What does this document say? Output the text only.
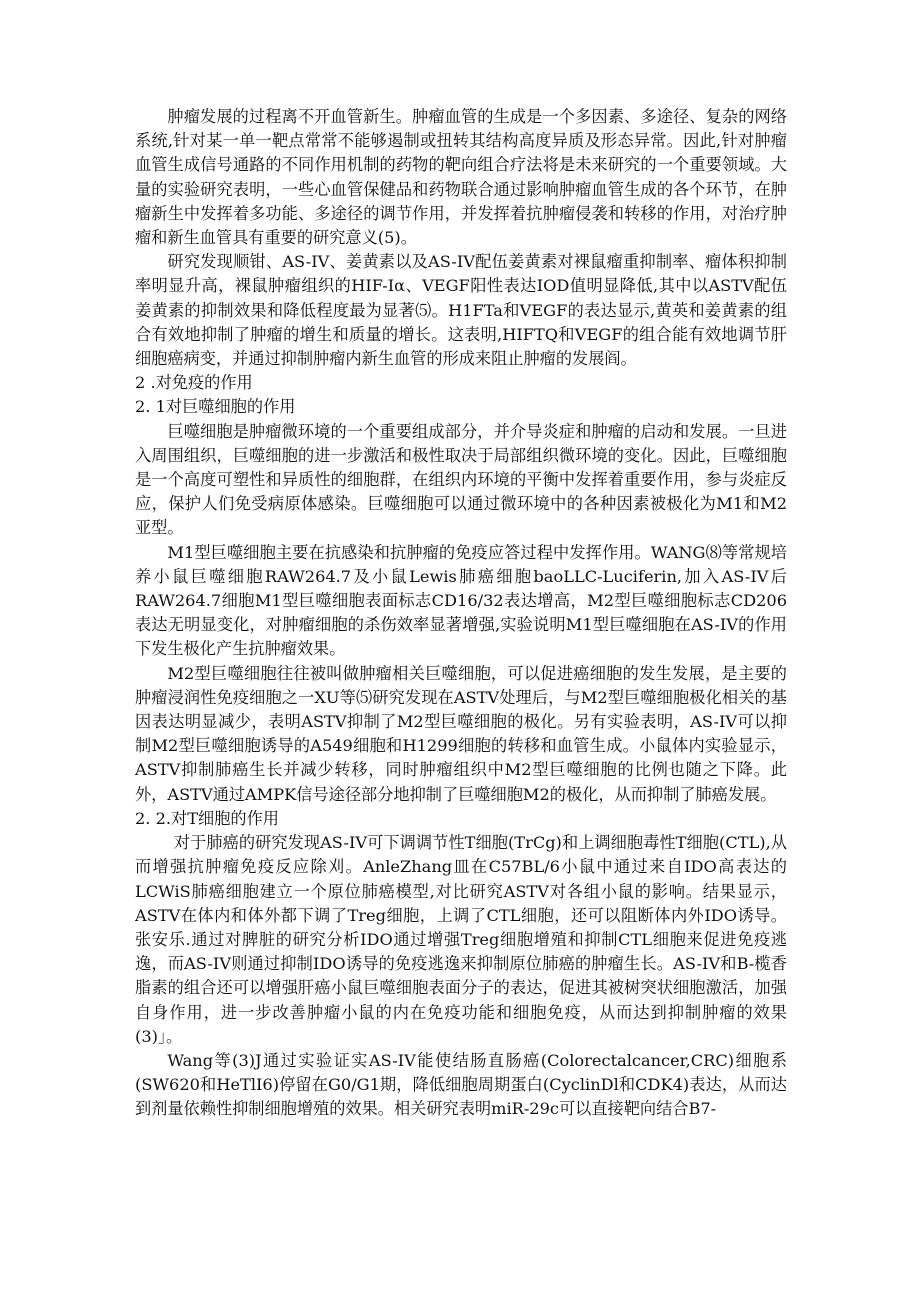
肿瘤发展的过程离不开血管新生。肿瘤血管的生成是一个多因素、多途径、复杂的网络系统,针对某一单一靶点常常不能够遏制或扭转其结构高度异质及形态异常。因此,针对肿瘤血管生成信号通路的不同作用机制的药物的靶向组合疗法将是未来研究的一个重要领域。大量的实验研究表明，一些心血管保健品和药物联合通过影响肿瘤血管生成的各个环节，在肿瘤新生中发挥着多功能、多途径的调节作用，并发挥着抗肿瘤侵袭和转移的作用，对治疗肿瘤和新生血管具有重要的研究意义(5)。

研究发现顺钳、AS-IV、姜黄素以及AS-IV配伍姜黄素对裸鼠瘤重抑制率、瘤体积抑制率明显升高，裸鼠肿瘤组织的HIF-Iα、VEGF阳性表达IOD值明显降低,其中以ASTV配伍姜黄素的抑制效果和降低程度最为显著⑸。H1FTa和VEGF的表达显示,黄英和姜黄素的组合有效地抑制了肿瘤的增生和质量的增长。这表明,HIFTQ和VEGF的组合能有效地调节肝细胞癌病变，并通过抑制肿瘤内新生血管的形成来阻止肿瘤的发展阎。

2 .对免疫的作用
2. 1对巨噬细胞的作用

巨噬细胞是肿瘤微环境的一个重要组成部分，并介导炎症和肿瘤的启动和发展。一旦进入周围组织，巨噬细胞的进一步激活和极性取决于局部组织微环境的变化。因此，巨噬细胞是一个高度可塑性和异质性的细胞群，在组织内环境的平衡中发挥着重要作用，参与炎症反应，保护人们免受病原体感染。巨噬细胞可以通过微环境中的各种因素被极化为M1和M2亚型。

M1型巨噬细胞主要在抗感染和抗肿瘤的免疫应答过程中发挥作用。WANG⑻等常规培养小鼠巨噬细胞RAW264.7及小鼠Lewis肺癌细胞baoLLC-Luciferin,加入AS-IV后RAW264.7细胞M1型巨噬细胞表面标志CD16/32表达增高，M2型巨噬细胞标志CD206表达无明显变化，对肿瘤细胞的杀伤效率显著增强,实验说明M1型巨噬细胞在AS-IV的作用下发生极化产生抗肿瘤效果。

M2型巨噬细胞往往被叫做肿瘤相关巨噬细胞，可以促进癌细胞的发生发展，是主要的肿瘤浸润性免疫细胞之一XU等⑸研究发现在ASTV处理后，与M2型巨噬细胞极化相关的基因表达明显减少，表明ASTV抑制了M2型巨噬细胞的极化。另有实验表明，AS-IV可以抑制M2型巨噬细胞诱导的A549细胞和H1299细胞的转移和血管生成。小鼠体内实验显示，ASTV抑制肺癌生长并减少转移，同时肿瘤组织中M2型巨噬细胞的比例也随之下降。此外，ASTV通过AMPK信号途径部分地抑制了巨噬细胞M2的极化，从而抑制了肺癌发展。

2. 2.对T细胞的作用

对于肺癌的研究发现AS-IV可下调调节性T细胞(TrCg)和上调细胞毒性T细胞(CTL),从而增强抗肿瘤免疫反应除刈。AnleZhang皿在C57BL/6小鼠中通过来自IDO高表达的LCWiS肺癌细胞建立一个原位肺癌模型,对比研究ASTV对各组小鼠的影响。结果显示，ASTV在体内和体外都下调了Treg细胞，上调了CTL细胞，还可以阻断体内外IDO诱导。张安乐.通过对脾脏的研究分析IDO通过增强Treg细胞增殖和抑制CTL细胞来促进免疫逃逸，而AS-IV则通过抑制IDO诱导的免疫逃逸来抑制原位肺癌的肿瘤生长。AS-IV和B-榄香脂素的组合还可以增强肝癌小鼠巨噬细胞表面分子的表达，促进其被树突状细胞激活，加强自身作用，进一步改善肿瘤小鼠的内在免疫功能和细胞免疫，从而达到抑制肿瘤的效果(3)」。

Wang等(3)J通过实验证实AS-IV能使结肠直肠癌(Colorectalcancer,CRC)细胞系(SW620和HeTlI6)停留在G0/G1期，降低细胞周期蛋白(CyclinDl和CDK4)表达，从而达到剂量依赖性抑制细胞增殖的效果。相关研究表明miR-29c可以直接靶向结合B7-
